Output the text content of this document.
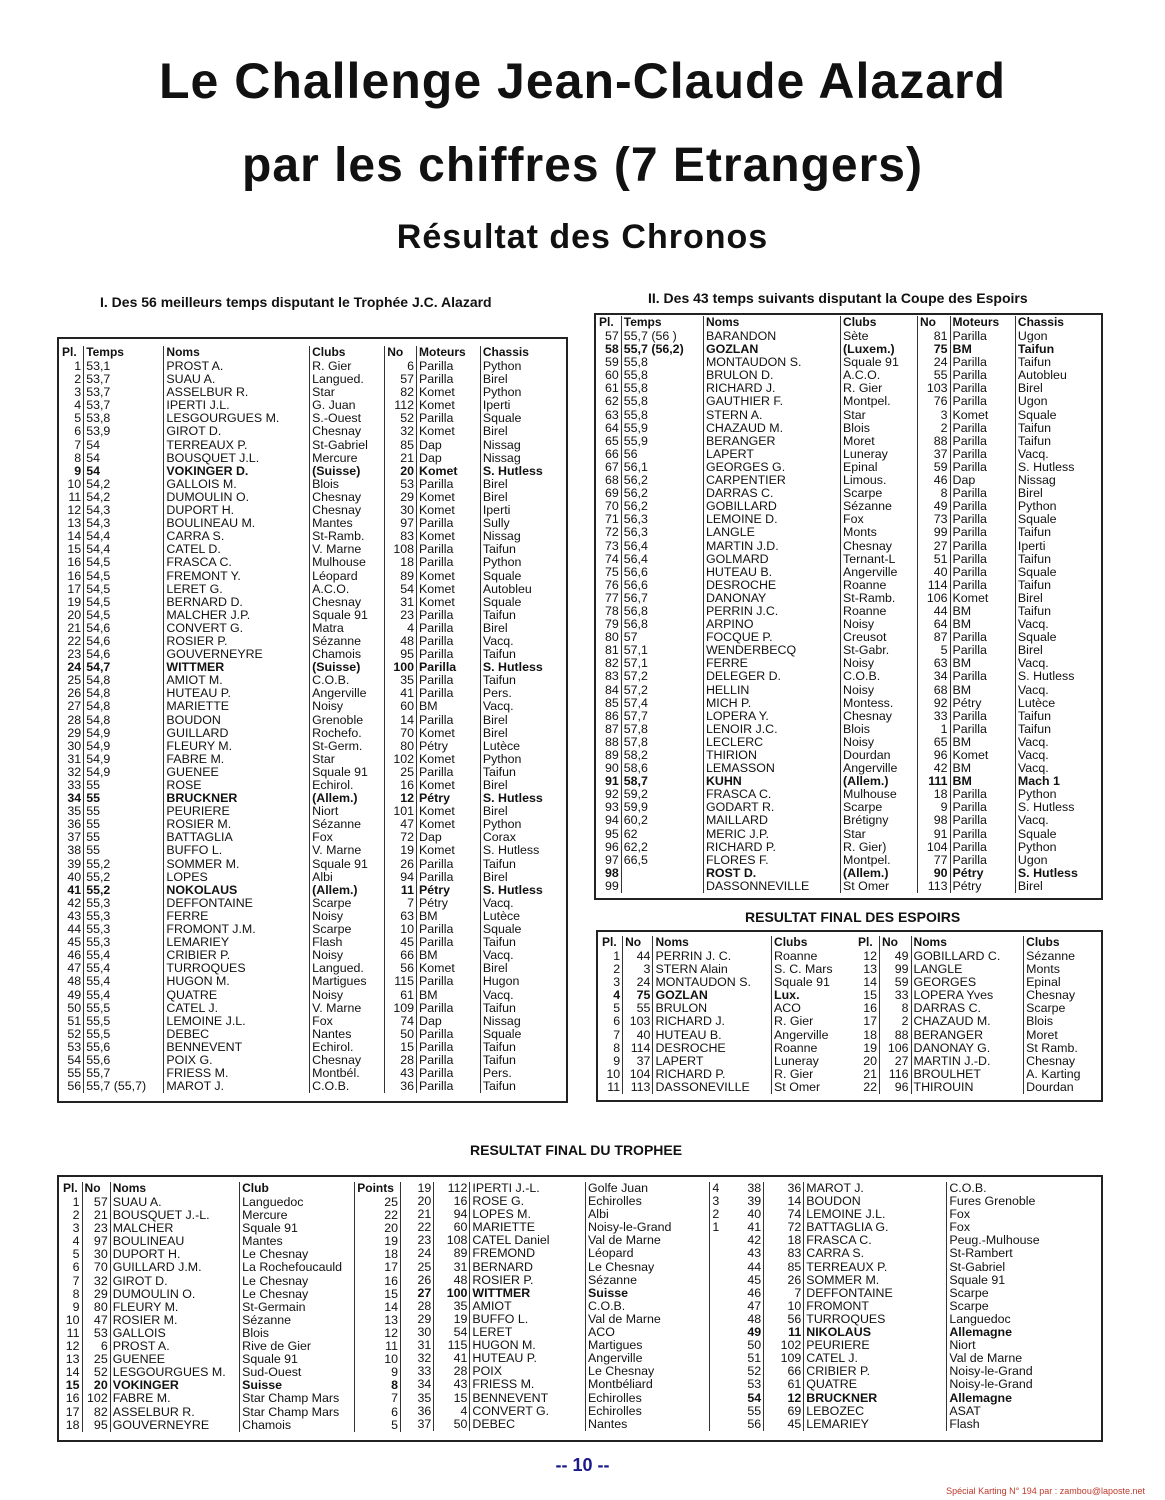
Le Challenge Jean-Claude Alazard
par les chiffres (7 Etrangers)
Résultat des Chronos
I. Des 56 meilleurs temps disputant le Trophée J.C. Alazard	II. Des 43 temps suivants disputant la Coupe des Espoirs
Pl.	Temps	Noms	Clubs	No	Moteurs	Chassis
1	53,1	PROST A.	R. Gier	6	Parilla	Python
2	53,7	SUAU A.	Langued.	57	Parilla	Birel
3	53,7	ASSELBUR R.	Star	82	Komet	Python
4	53,7	IPERTI J.L.	G. Juan	112	Komet	Iperti
5	53,8	LESGOURGUES M.	S.-Ouest	52	Parilla	Squale
6	53,9	GIROT D.	Chesnay	32	Komet	Birel
7	54	TERREAUX P.	St-Gabriel	85	Dap	Nissag
8	54	BOUSQUET J.L.	Mercure	21	Dap	Nissag
9	54	VOKINGER D.	(Suisse)	20	Komet	S. Hutless
10	54,2	GALLOIS M.	Blois	53	Parilla	Birel
11	54,2	DUMOULIN O.	Chesnay	29	Komet	Birel
12	54,3	DUPORT H.	Chesnay	30	Komet	Iperti
13	54,3	BOULINEAU M.	Mantes	97	Parilla	Sully
14	54,4	CARRA S.	St-Ramb.	83	Komet	Nissag
15	54,4	CATEL D.	V. Marne	108	Parilla	Taifun
16	54,5	FRASCA C.	Mulhouse	18	Parilla	Python
16	54,5	FREMONT Y.	Léopard	89	Komet	Squale
17	54,5	LERET G.	A.C.O.	54	Komet	Autobleu
19	54,5	BERNARD D.	Chesnay	31	Komet	Squale
20	54,5	MALCHER J.P.	Squale 91	23	Parilla	Taifun
21	54,6	CONVERT G.	Matra	4	Parilla	Birel
22	54,6	ROSIER P.	Sézanne	48	Parilla	Vacq.
23	54,6	GOUVERNEYRE	Chamois	95	Parilla	Taifun
24	54,7	WITTMER	(Suisse)	100	Parilla	S. Hutless
25	54,8	AMIOT M.	C.O.B.	35	Parilla	Taifun
26	54,8	HUTEAU P.	Angerville	41	Parilla	Pers.
27	54,8	MARIETTE	Noisy	60	BM	Vacq.
28	54,8	BOUDON	Grenoble	14	Parilla	Birel
29	54,9	GUILLARD	Rochefo.	70	Komet	Birel
30	54,9	FLEURY M.	St-Germ.	80	Pétry	Lutèce
31	54,9	FABRE M.	Star	102	Komet	Python
32	54,9	GUENEE	Squale 91	25	Parilla	Taifun
33	55	ROSE	Echirol.	16	Komet	Birel
34	55	BRUCKNER	(Allem.)	12	Pétry	S. Hutless
35	55	PEURIERE	Niort	101	Komet	Birel
36	55	ROSIER M.	Sézanne	47	Komet	Python
37	55	BATTAGLIA	Fox	72	Dap	Corax
38	55	BUFFO L.	V. Marne	19	Komet	S. Hutless
39	55,2	SOMMER M.	Squale 91	26	Parilla	Taifun
40	55,2	LOPES	Albi	94	Parilla	Birel
41	55,2	NOKOLAUS	(Allem.)	11	Pétry	S. Hutless
42	55,3	DEFFONTAINE	Scarpe	7	Pétry	Vacq.
43	55,3	FERRE	Noisy	63	BM	Lutèce
44	55,3	FROMONT J.M.	Scarpe	10	Parilla	Squale
45	55,3	LEMARIEY	Flash	45	Parilla	Taifun
46	55,4	CRIBIER P.	Noisy	66	BM	Vacq.
47	55,4	TURROQUES	Langued.	56	Komet	Birel
48	55,4	HUGON M.	Martigues	115	Parilla	Hugon
49	55,4	QUATRE	Noisy	61	BM	Vacq.
50	55,5	CATEL J.	V. Marne	109	Parilla	Taifun
51	55,5	LEMOINE J.L.	Fox	74	Dap	Nissag
52	55,5	DEBEC	Nantes	50	Parilla	Squale
53	55,6	BENNEVENT	Echirol.	15	Parilla	Taifun
54	55,6	POIX G.	Chesnay	28	Parilla	Taifun
55	55,7	FRIESS M.	Montbél.	43	Parilla	Pers.
56	55,7 (55,7)	MAROT J.	C.O.B.	36	Parilla	Taifun
Pl.	Temps	Noms	Clubs	No	Moteurs	Chassis
57	55,7 (56 )	BARANDON	Sète	81	Parilla	Ugon
58	55,7 (56,2)	GOZLAN	(Luxem.)	75	BM	Taifun
59	55,8	MONTAUDON S.	Squale 91	24	Parilla	Taifun
60	55,8	BRULON D.	A.C.O.	55	Parilla	Autobleu
61	55,8	RICHARD J.	R. Gier	103	Parilla	Birel
62	55,8	GAUTHIER F.	Montpel.	76	Parilla	Ugon
63	55,8	STERN A.	Star	3	Komet	Squale
64	55,9	CHAZAUD M.	Blois	2	Parilla	Taifun
65	55,9	BERANGER	Moret	88	Parilla	Taifun
66	56	LAPERT	Luneray	37	Parilla	Vacq.
67	56,1	GEORGES G.	Epinal	59	Parilla	S. Hutless
68	56,2	CARPENTIER	Limous.	46	Dap	Nissag
69	56,2	DARRAS C.	Scarpe	8	Parilla	Birel
70	56,2	GOBILLARD	Sézanne	49	Parilla	Python
71	56,3	LEMOINE D.	Fox	73	Parilla	Squale
72	56,3	LANGLE	Monts	99	Parilla	Taifun
73	56,4	MARTIN J.D.	Chesnay	27	Parilla	Iperti
74	56,4	GOLMARD	Ternant-L	51	Parilla	Taifun
75	56,6	HUTEAU B.	Angerville	40	Parilla	Squale
76	56,6	DESROCHE	Roanne	114	Parilla	Taifun
77	56,7	DANONAY	St-Ramb.	106	Komet	Birel
78	56,8	PERRIN J.C.	Roanne	44	BM	Taifun
79	56,8	ARPINO	Noisy	64	BM	Vacq.
80	57	FOCQUE P.	Creusot	87	Parilla	Squale
81	57,1	WENDERBECQ	St-Gabr.	5	Parilla	Birel
82	57,1	FERRE	Noisy	63	BM	Vacq.
83	57,2	DELEGER D.	C.O.B.	34	Parilla	S. Hutless
84	57,2	HELLIN	Noisy	68	BM	Vacq.
85	57,4	MICH P.	Montess.	92	Pétry	Lutèce
86	57,7	LOPERA Y.	Chesnay	33	Parilla	Taifun
87	57,8	LENOIR J.C.	Blois	1	Parilla	Taifun
88	57,8	LECLERC	Noisy	65	BM	Vacq.
89	58,2	THIRION	Dourdan	96	Komet	Vacq.
90	58,6	LEMASSON	Angerville	42	BM	Vacq.
91	58,7	KUHN	(Allem.)	111	BM	Mach 1
92	59,2	FRASCA C.	Mulhouse	18	Parilla	Python
93	59,9	GODART R.	Scarpe	9	Parilla	S. Hutless
94	60,2	MAILLARD	Brétigny	98	Parilla	Vacq.
95	62	MERIC J.P.	Star	91	Parilla	Squale
96	62,2	RICHARD P.	R. Gier)	104	Parilla	Python
97	66,5	FLORES F.	Montpel.	77	Parilla	Ugon
98		ROST D.	(Allem.)	90	Pétry	S. Hutless
99		DASSONNEVILLE	St Omer	113	Pétry	Birel
RESULTAT FINAL DES ESPOIRS
Pl.	No	Noms	Clubs
1	44	PERRIN J. C.	Roanne
2	3	STERN Alain	S. C. Mars
3	24	MONTAUDON S.	Squale 91
4	75	GOZLAN	Lux.
5	55	BRULON	ACO
6	103	RICHARD J.	R. Gier
7	40	HUTEAU B.	Angerville
8	114	DESROCHE	Roanne
9	37	LAPERT	Luneray
10	104	RICHARD P.	R. Gier
11	113	DASSONEVILLE	St Omer
Pl.	No	Noms	Clubs
12	49	GOBILLARD C.	Sézanne
13	99	LANGLE	Monts
14	59	GEORGES	Epinal
15	33	LOPERA Yves	Chesnay
16	8	DARRAS C.	Scarpe
17	2	CHAZAUD M.	Blois
18	88	BERANGER	Moret
19	106	DANONAY G.	St Ramb.
20	27	MARTIN J.-D.	Chesnay
21	116	BROULHET	A. Karting
22	96	THIROUIN	Dourdan
RESULTAT FINAL DU TROPHEE
Pl.	No	Noms	Club	Points
1	57	SUAU A.	Languedoc	25
2	21	BOUSQUET J.-L.	Mercure	22
3	23	MALCHER	Squale 91	20
4	97	BOULINEAU	Mantes	19
5	30	DUPORT H.	Le Chesnay	18
6	70	GUILLARD J.M.	La Rochefoucauld	17
7	32	GIROT D.	Le Chesnay	16
8	29	DUMOULIN O.	Le Chesnay	15
9	80	FLEURY M.	St-Germain	14
10	47	ROSIER M.	Sézanne	13
11	53	GALLOIS	Blois	12
12	6	PROST A.	Rive de Gier	11
13	25	GUENEE	Squale 91	10
14	52	LESGOURGUES M.	Sud-Ouest	9
15	20	VOKINGER	Suisse	8
16	102	FABRE M.	Star Champ Mars	7
17	82	ASSELBUR R.	Star Champ Mars	6
18	95	GOUVERNEYRE	Chamois	5
19	112	IPERTI J.-L.	Golfe Juan	4
20	16	ROSE G.	Echirolles	3
21	94	LOPES M.	Albi	2
22	60	MARIETTE	Noisy-le-Grand	1
23	108	CATEL Daniel	Val de Marne	
24	89	FREMOND	Léopard	
25	31	BERNARD	Le Chesnay	
26	48	ROSIER P.	Sézanne	
27	100	WITTMER	Suisse	
28	35	AMIOT	C.O.B.	
29	19	BUFFO L.	Val de Marne	
30	54	LERET	ACO	
31	115	HUGON M.	Martigues	
32	41	HUTEAU P.	Angerville	
33	28	POIX	Le Chesnay	
34	43	FRIESS M.	Montbéliard	
35	15	BENNEVENT	Echirolles	
36	4	CONVERT G.	Echirolles	
37	50	DEBEC	Nantes	
38	36	MAROT J.	C.O.B.
39	14	BOUDON	Fures Grenoble
40	74	LEMOINE J.L.	Fox
41	72	BATTAGLIA G.	Fox
42	18	FRASCA C.	Peug.-Mulhouse
43	83	CARRA S.	St-Rambert
44	85	TERREAUX P.	St-Gabriel
45	26	SOMMER M.	Squale 91
46	7	DEFFONTAINE	Scarpe
47	10	FROMONT	Scarpe
48	56	TURROQUES	Languedoc
49	11	NIKOLAUS	Allemagne
50	102	PEURIERE	Niort
51	109	CATEL J.	Val de Marne
52	66	CRIBIER P.	Noisy-le-Grand
53	61	QUATRE	Noisy-le-Grand
54	12	BRUCKNER	Allemagne
55	69	LEBOZEC	ASAT
56	45	LEMARIEY	Flash
-- 10 --
Spécial Karting N° 194 par : zambou@laposte.net
